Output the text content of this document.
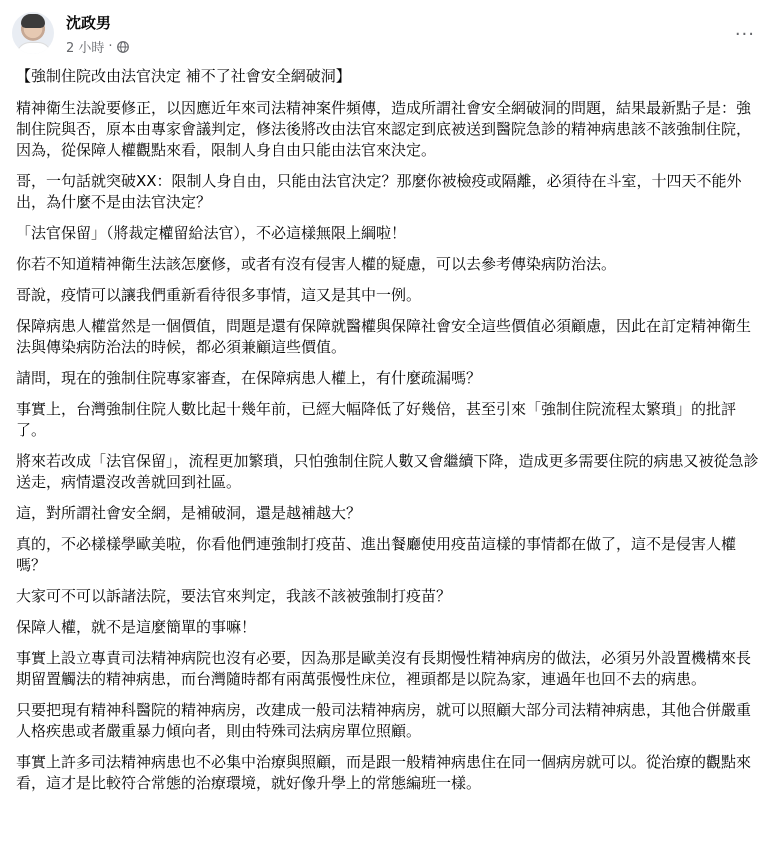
沈政男
2 小時 ·
···

【強制住院改由法官決定 補不了社會安全網破洞】

精神衛生法說要修正，以因應近年來司法精神案件頻傳，造成所謂社會安全網破洞的問題，結果最新點子是：強制住院與否，原本由專家會議判定，修法後將改由法官來認定到底被送到醫院急診的精神病患該不該強制住院，因為，從保障人權觀點來看，限制人身自由只能由法官來決定。

哥，一句話就突破XX：限制人身自由，只能由法官決定？那麼你被檢疫或隔離，必須待在斗室，十四天不能外出，為什麼不是由法官決定？

「法官保留」（將裁定權留給法官），不必這樣無限上綱啦！

你若不知道精神衛生法該怎麼修，或者有沒有侵害人權的疑慮，可以去參考傳染病防治法。

哥說，疫情可以讓我們重新看待很多事情，這又是其中一例。

保障病患人權當然是一個價值，問題是還有保障就醫權與保障社會安全這些價值必須顧慮，因此在訂定精神衛生法與傳染病防治法的時候，都必須兼顧這些價值。

請問，現在的強制住院專家審查，在保障病患人權上，有什麼疏漏嗎？

事實上，台灣強制住院人數比起十幾年前，已經大幅降低了好幾倍，甚至引來「強制住院流程太繁瑣」的批評了。

將來若改成「法官保留」，流程更加繁瑣，只怕強制住院人數又會繼續下降，造成更多需要住院的病患又被從急診送走，病情還沒改善就回到社區。

這，對所謂社會安全網，是補破洞，還是越補越大？

真的，不必樣樣學歐美啦，你看他們連強制打疫苗、進出餐廳使用疫苗這樣的事情都在做了，這不是侵害人權嗎？

大家可不可以訴諸法院，要法官來判定，我該不該被強制打疫苗？

保障人權，就不是這麼簡單的事嘛！

事實上設立專責司法精神病院也沒有必要，因為那是歐美沒有長期慢性精神病房的做法，必須另外設置機構來長期留置觸法的精神病患，而台灣隨時都有兩萬張慢性床位，裡頭都是以院為家，連過年也回不去的病患。

只要把現有精神科醫院的精神病房，改建成一般司法精神病房，就可以照顧大部分司法精神病患，其他合併嚴重人格疾患或者嚴重暴力傾向者，則由特殊司法病房單位照顧。

事實上許多司法精神病患也不必集中治療與照顧，而是跟一般精神病患住在同一個病房就可以。從治療的觀點來看，這才是比較符合常態的治療環境，就好像升學上的常態編班一樣。
